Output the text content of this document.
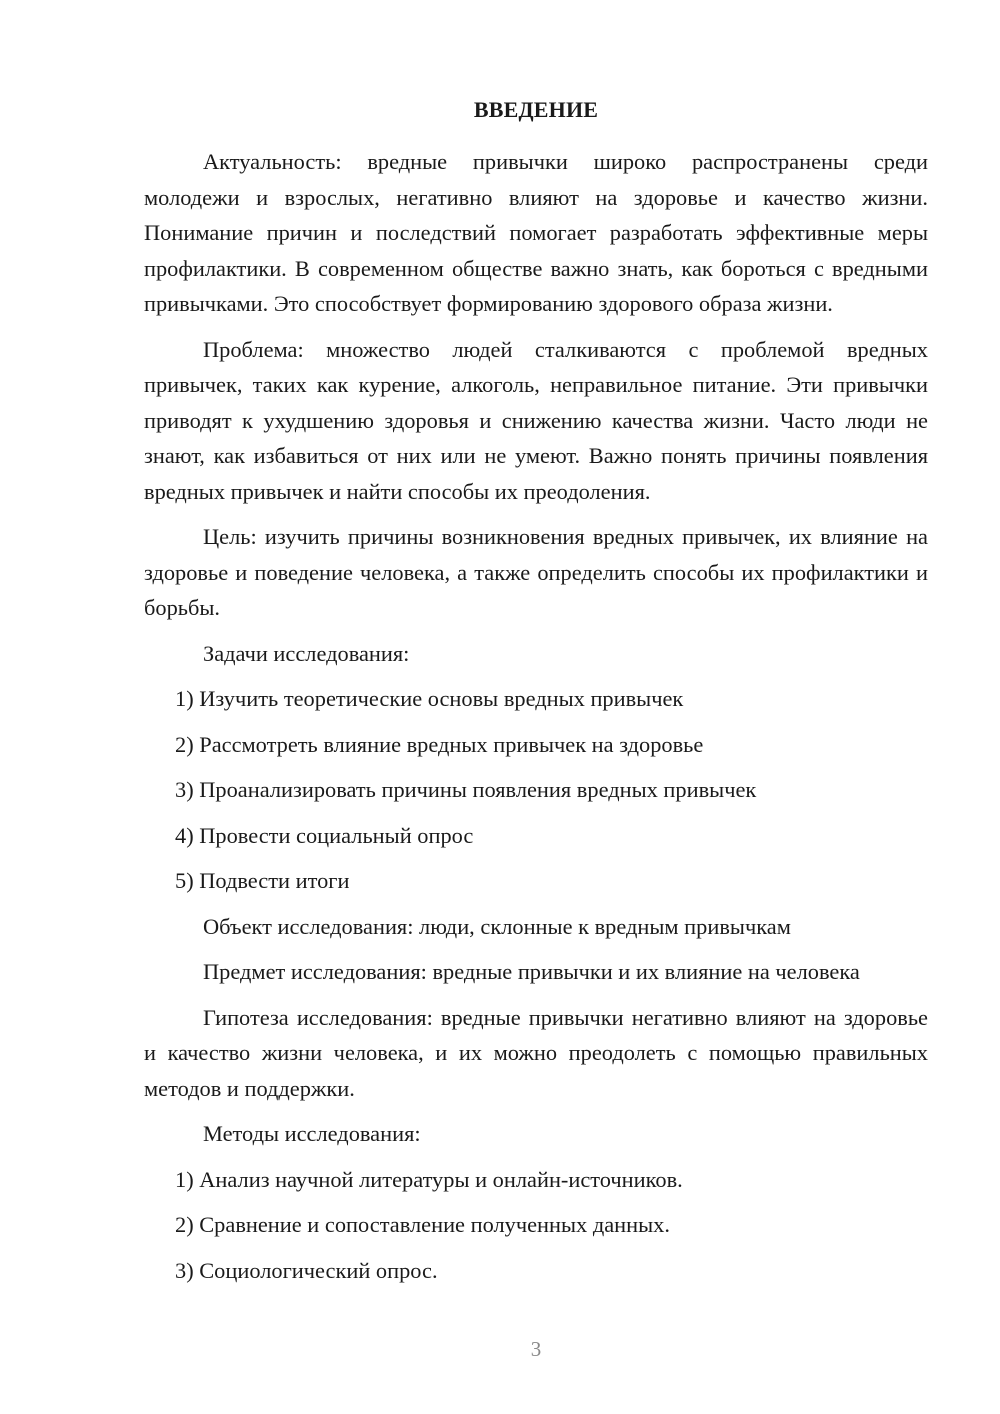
ВВЕДЕНИЕ

Актуальность: вредные привычки широко распространены среди молодежи и взрослых, негативно влияют на здоровье и качество жизни. Понимание причин и последствий помогает разработать эффективные меры профилактики. В современном обществе важно знать, как бороться с вредными привычками. Это способствует формированию здорового образа жизни.

Проблема: множество людей сталкиваются с проблемой вредных привычек, таких как курение, алкоголь, неправильное питание. Эти привычки приводят к ухудшению здоровья и снижению качества жизни. Часто люди не знают, как избавиться от них или не умеют. Важно понять причины появления вредных привычек и найти способы их преодоления.

Цель: изучить причины возникновения вредных привычек, их влияние на здоровье и поведение человека, а также определить способы их профилактики и борьбы.

Задачи исследования:

1) Изучить теоретические основы вредных привычек

2) Рассмотреть влияние вредных привычек на здоровье

3) Проанализировать причины появления вредных привычек

4) Провести социальный опрос

5) Подвести итоги

Объект исследования: люди, склонные к вредным привычкам

Предмет исследования: вредные привычки и их влияние на человека

Гипотеза исследования: вредные привычки негативно влияют на здоровье и качество жизни человека, и их можно преодолеть с помощью правильных методов и поддержки.

Методы исследования:

1) Анализ научной литературы и онлайн-источников.

2) Сравнение и сопоставление полученных данных.

3) Социологический опрос.

3
